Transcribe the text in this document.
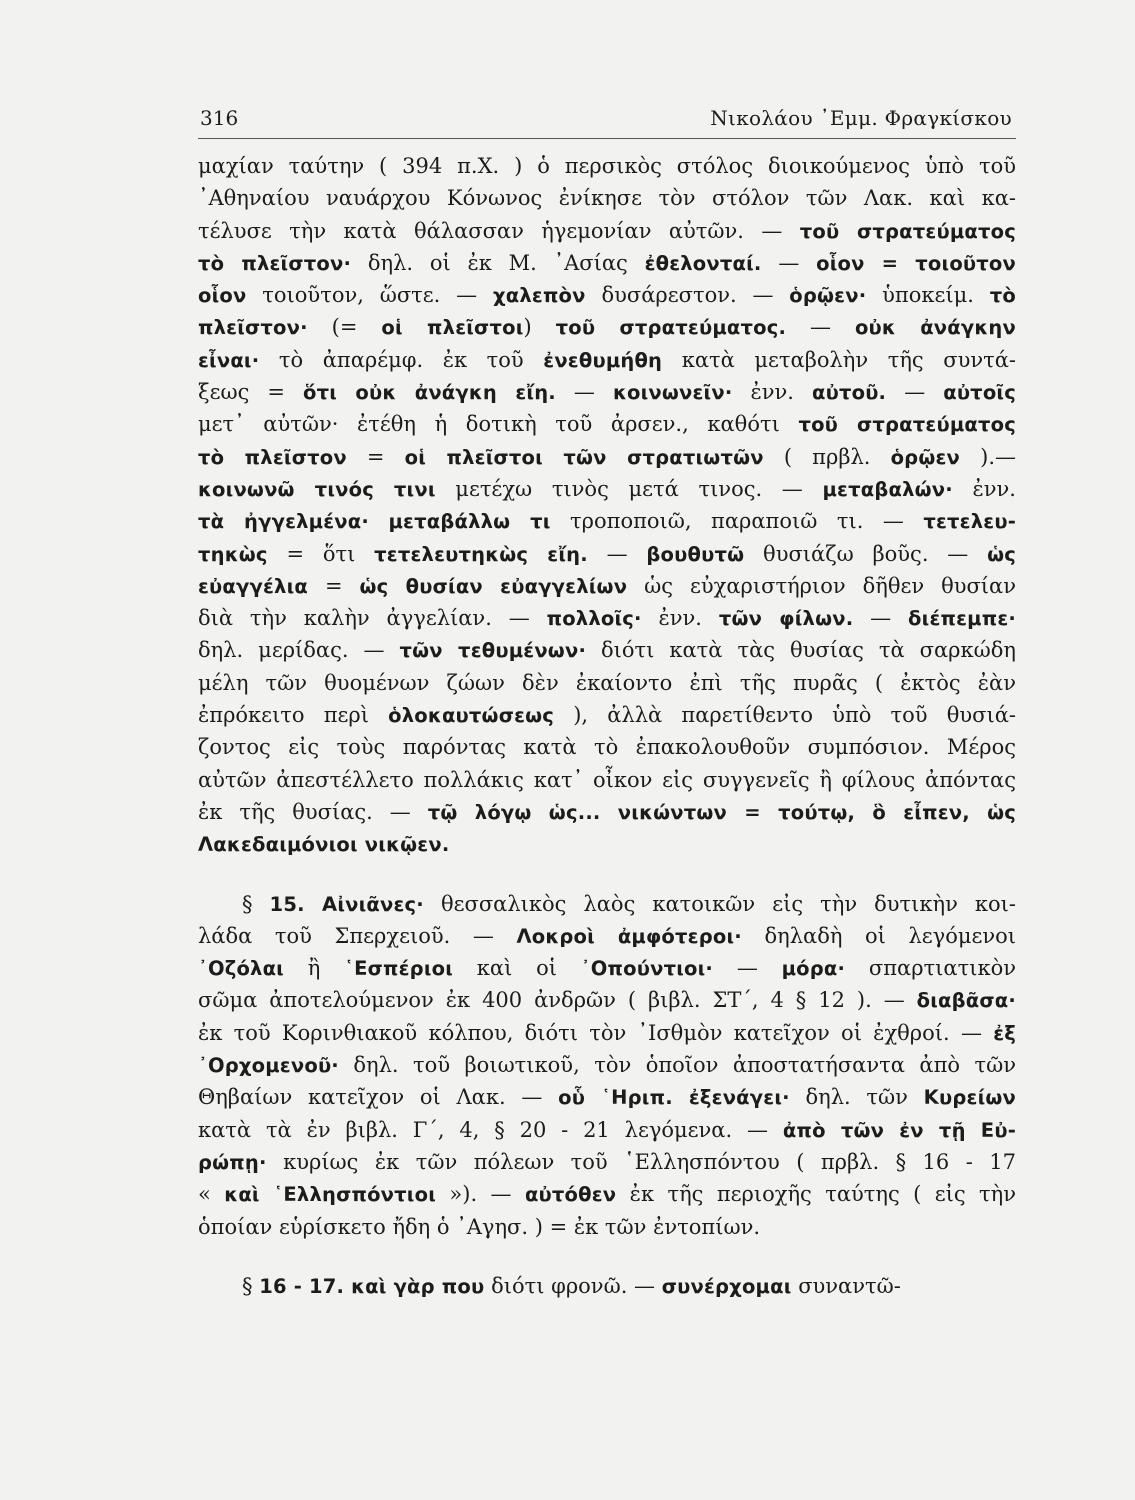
316	Νικολάου ᾿Εμμ. Φραγκίσκου
μαχίαν ταύτην ( 394 π.Χ. ) ὁ περσικὸς στόλος διοικούμενος ὑπὸ τοῦ
᾿Αθηναίου ναυάρχου Κόνωνος ἐνίκησε τὸν στόλον τῶν Λακ. καὶ κα-
τέλυσε τὴν κατὰ θάλασσαν ἡγεμονίαν αὐτῶν. — τοῦ στρατεύματος
τὸ πλεῖστον· δηλ. οἱ ἐκ Μ. ᾿Ασίας ἐθελονταί. — οἷον = τοιοῦτον
οἷον τοιοῦτον, ὥστε. — χαλεπὸν δυσάρεστον. — ὁρῷεν· ὑποκείμ. τὸ
πλεῖστον· (= οἱ πλεῖστοι) τοῦ στρατεύματος. — οὐκ ἀνάγκην
εἶναι· τὸ ἀπαρέμφ. ἐκ τοῦ ἐνεθυμήθη κατὰ μεταβολὴν τῆς συντά-
ξεως = ὅτι οὐκ ἀνάγκη εἴη. — κοινωνεῖν· ἐνν. αὐτοῦ. — αὐτοῖς
μετ᾿ αὐτῶν· ἐτέθη ἡ δοτικὴ τοῦ ἀρσεν., καθότι τοῦ στρατεύματος
τὸ πλεῖστον = οἱ πλεῖστοι τῶν στρατιωτῶν ( πρβλ. ὁρῷεν ).—
κοινωνῶ τινός τινι μετέχω τινὸς μετά τινος. — μεταβαλών· ἐνν.
τὰ ἠγγελμένα· μεταβάλλω τι τροποποιῶ, παραποιῶ τι. — τετελευ-
τηκὼς = ὅτι τετελευτηκὼς εἴη. — βουθυτῶ θυσιάζω βοῦς. — ὡς
εὐαγγέλια = ὡς θυσίαν εὐαγγελίων ὡς εὐχαριστήριον δῆθεν θυσίαν
διὰ τὴν καλὴν ἀγγελίαν. — πολλοῖς· ἐνν. τῶν φίλων. — διέπεμπε·
δηλ. μερίδας. — τῶν τεθυμένων· διότι κατὰ τὰς θυσίας τὰ σαρκώδη
μέλη τῶν θυομένων ζώων δὲν ἐκαίοντο ἐπὶ τῆς πυρᾶς ( ἐκτὸς ἐὰν
ἐπρόκειτο περὶ ὁλοκαυτώσεως ), ἀλλὰ παρετίθεντο ὑπὸ τοῦ θυσιά-
ζοντος εἰς τοὺς παρόντας κατὰ τὸ ἐπακολουθοῦν συμπόσιον. Μέρος
αὐτῶν ἀπεστέλλετο πολλάκις κατ᾿ οἶκον εἰς συγγενεῖς ἢ φίλους ἀπόντας
ἐκ τῆς θυσίας. — τῷ λόγῳ ὡς... νικώντων = τούτῳ, ὃ εἶπεν, ὡς
Λακεδαιμόνιοι νικῷεν.
§ 15. Αἰνιᾶνες· θεσσαλικὸς λαὸς κατοικῶν εἰς τὴν δυτικὴν κοι-
λάδα τοῦ Σπερχειοῦ. — Λοκροὶ ἀμφότεροι· δηλαδὴ οἱ λεγόμενοι
᾿Οζόλαι ἢ ῾Εσπέριοι καὶ οἱ ᾿Οπούντιοι· — μόρα· σπαρτιατικὸν
σῶμα ἀποτελούμενον ἐκ 400 ἀνδρῶν ( βιβλ. ΣΤ΄, 4 § 12 ). — διαβᾶσα·
ἐκ τοῦ Κορινθιακοῦ κόλπου, διότι τὸν ᾿Ισθμὸν κατεῖχον οἱ ἐχθροί. — ἐξ
᾿Ορχομενοῦ· δηλ. τοῦ βοιωτικοῦ, τὸν ὁποῖον ἀποστατήσαντα ἀπὸ τῶν
Θηβαίων κατεῖχον οἱ Λακ. — οὗ ῾Ηριπ. ἐξενάγει· δηλ. τῶν Κυρείων
κατὰ τὰ ἐν βιβλ. Γ΄, 4, § 20 - 21 λεγόμενα. — ἀπὸ τῶν ἐν τῇ Εὐ-
ρώπῃ· κυρίως ἐκ τῶν πόλεων τοῦ ῾Ελλησπόντου ( πρβλ. § 16 - 17
« καὶ ῾Ελλησπόντιοι »). — αὐτόθεν ἐκ τῆς περιοχῆς ταύτης ( εἰς τὴν
ὁποίαν εὑρίσκετο ἤδη ὁ ᾿Αγησ. ) = ἐκ τῶν ἐντοπίων.
§ 16 - 17. καὶ γὰρ που διότι φρονῶ. — συνέρχομαι συναντῶ-
